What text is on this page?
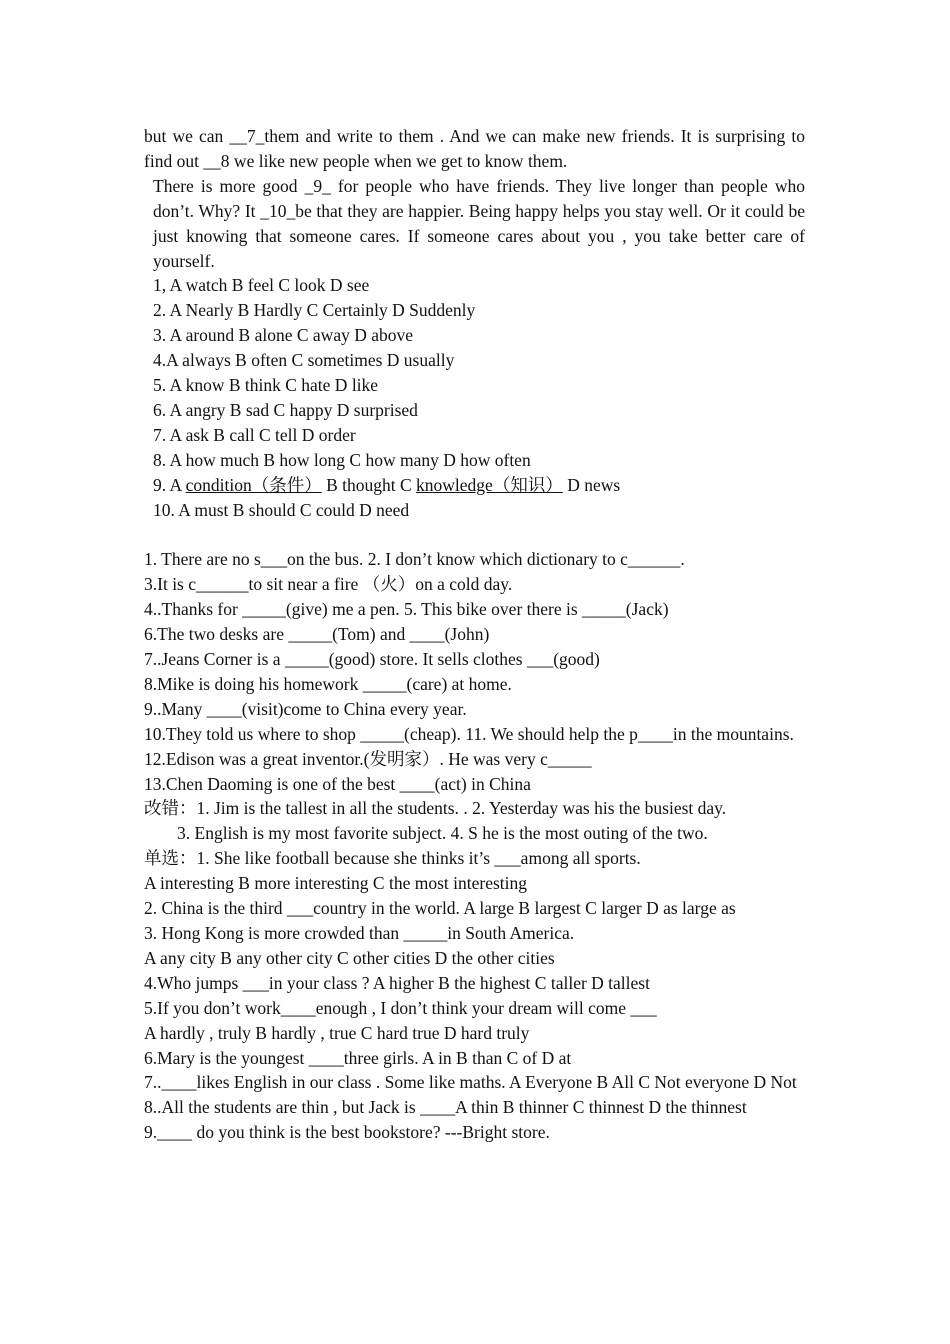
but we can __7_them and write to them . And we can make new friends. It is surprising to find out __8 we like new people when we get to know them.

There is more good _9_ for people who have friends. They live longer than people who don’t. Why? It _10_be that they are happier. Being happy helps you stay well. Or it could be just knowing that someone cares. If someone cares about you , you take better care of yourself.

1, A watch B feel C look D see

2. A Nearly B Hardly C Certainly D Suddenly

3. A around B alone C away D above

4.A always B often C sometimes D usually

5. A know B think C hate D like

6. A angry B sad C happy D surprised

7. A ask B call C tell D order

8. A how much B how long C how many D how often

9. A condition（条件） B thought C knowledge（知识） D news

10. A must B should C could D need

1. There are no s___on the bus. 2. I don’t know which dictionary to c______.

3.It is c______to sit near a fire （火）on a cold day.

4..Thanks for _____(give) me a pen. 5. This bike over there is _____(Jack)

6.The two desks are _____(Tom) and ____(John)

7..Jeans Corner is a _____(good) store. It sells clothes ___(good)

8.Mike is doing his homework _____(care) at home.

9..Many ____(visit)come to China every year.

10.They told us where to shop _____(cheap). 11. We should help the p____in the mountains.

12.Edison was a great inventor.(发明家）. He was very c_____

13.Chen Daoming is one of the best ____(act) in China

改错：1. Jim is the tallest in all the students. . 2. Yesterday was his the busiest day.

3. English is my most favorite subject. 4. S he is the most outing of the two.

单选：1. She like football because she thinks it’s ___among all sports.

A interesting B more interesting C the most interesting

2. China is the third ___country in the world. A large B largest C larger D as large as

3. Hong Kong is more crowded than _____in South America.

A any city B any other city C other cities D the other cities

4.Who jumps ___in your class ? A higher B the highest C taller D tallest

5.If you don’t work____enough , I don’t think your dream will come ___

A hardly , truly B hardly , true C hard true D hard truly

6.Mary is the youngest ____three girls. A in B than C of D at

7..____likes English in our class . Some like maths. A Everyone B All C Not everyone D Not

8..All the students are thin , but Jack is ____A thin B thinner C thinnest D the thinnest

9.____ do you think is the best bookstore? ---Bright store.
